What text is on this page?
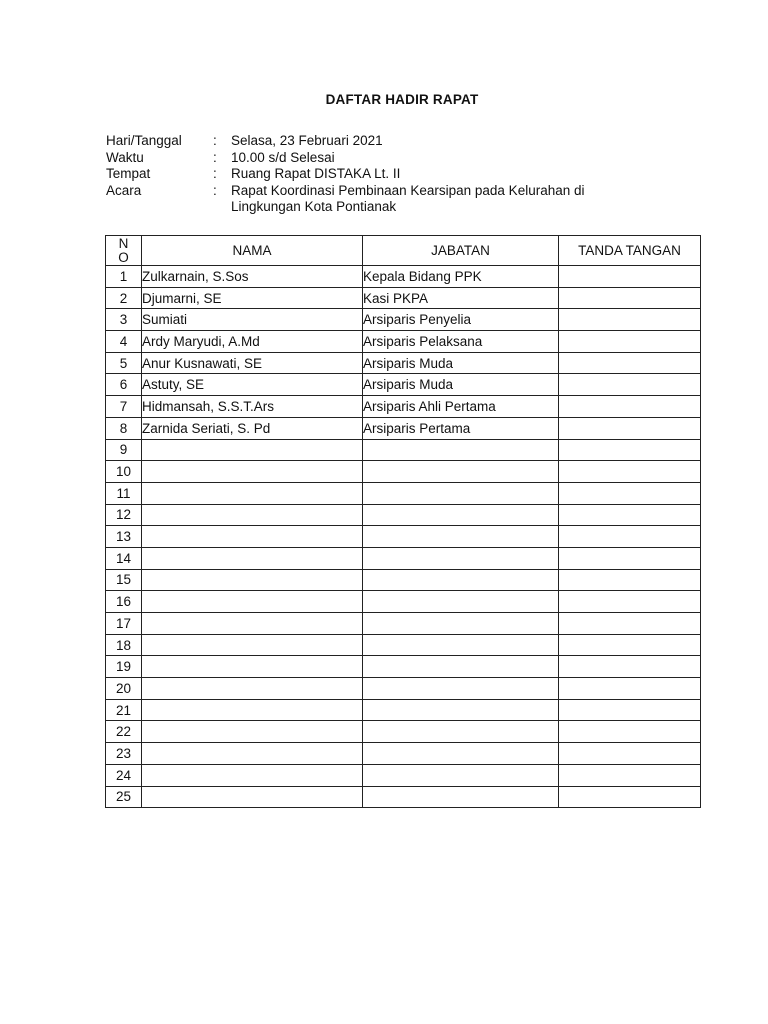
DAFTAR HADIR RAPAT
Hari/Tanggal	:	Selasa, 23 Februari 2021
Waktu	:	10.00 s/d Selesai
Tempat	:	Ruang Rapat DISTAKA Lt. II
Acara	:	Rapat Koordinasi Pembinaan Kearsipan pada Kelurahan di Lingkungan Kota Pontianak
N
O	NAMA	JABATAN	TANDA TANGAN
1	Zulkarnain, S.Sos	Kepala Bidang PPK	
2	Djumarni, SE	Kasi PKPA	
3	Sumiati	Arsiparis Penyelia	
4	Ardy Maryudi, A.Md	Arsiparis Pelaksana	
5	Anur Kusnawati, SE	Arsiparis Muda	
6	Astuty, SE	Arsiparis Muda	
7	Hidmansah, S.S.T.Ars	Arsiparis Ahli Pertama	
8	Zarnida Seriati, S. Pd	Arsiparis Pertama	
9			
10			
11			
12			
13			
14			
15			
16			
17			
18			
19			
20			
21			
22			
23			
24			
25			
